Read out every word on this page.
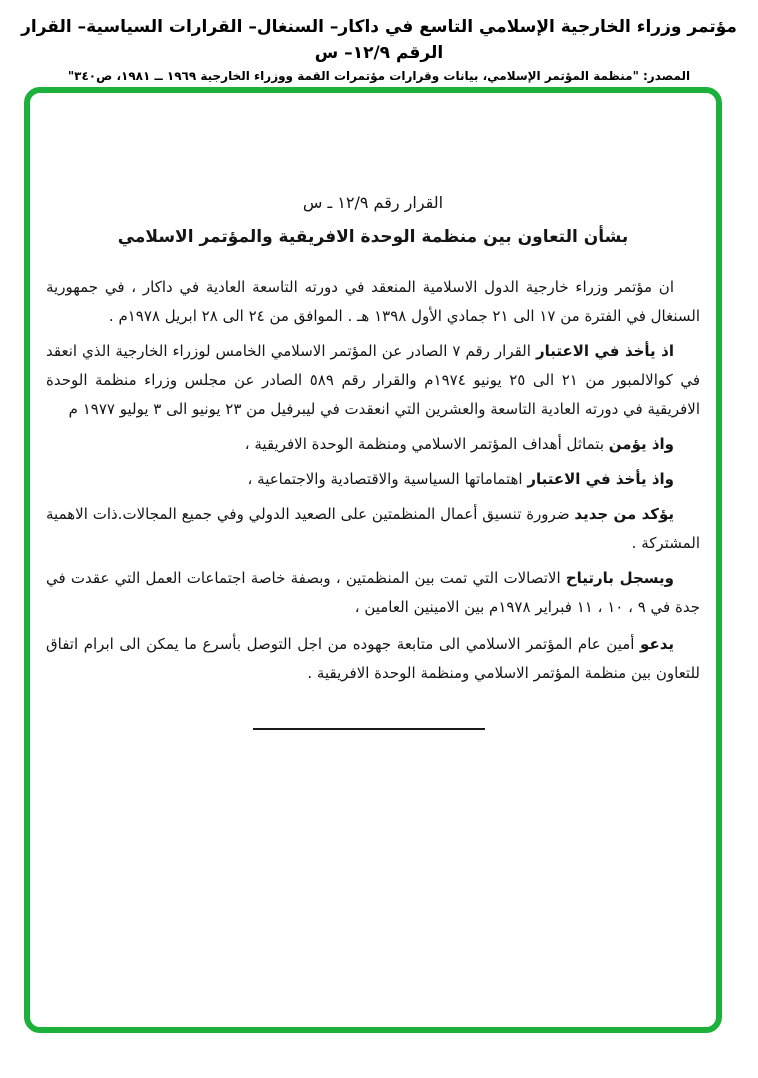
مؤتمر وزراء الخارجية الإسلامي التاسع في داكار– السنغال– القرارات السياسية– القرار الرقم ١٢/٩– س
المصدر: "منظمة المؤتمر الإسلامي، بيانات وقرارات مؤتمرات القمة ووزراء الخارجية ١٩٦٩ ــ ١٩٨١، ص٣٤٠"
القرار رقم ١٢/٩ ـ س
بشأن التعاون بين منظمة الوحدة الافريقية والمؤتمر الاسلامي
ان مؤتمر وزراء خارجية الدول الاسلامية المنعقد في دورته التاسعة العادية في داكار ، في جمهورية السنغال في الفترة من ١٧ الى ٢١ جمادي الأول ١٣٩٨ هـ . الموافق من ٢٤ الى ٢٨ ابريل ١٩٧٨م .
اذ يأخذ في الاعتبار القرار رقم ٧ الصادر عن المؤتمر الاسلامي الخامس لوزراء الخارجية الذي انعقد في كوالالمبور من ٢١ الى ٢٥ يونيو ١٩٧٤م والقرار رقم ٥٨٩ الصادر عن مجلس وزراء منظمة الوحدة الافريقية في دورته العادية التاسعة والعشرين التي انعقدت في ليبرفيل من ٢٣ يونيو الى ٣ يوليو ١٩٧٧ م
واذ يؤمن بتماثل أهداف المؤتمر الاسلامي ومنظمة الوحدة الافريقية ،
واذ يأخذ في الاعتبار اهتماماتها السياسية والاقتصادية والاجتماعية ،
يؤكد من جديد ضرورة تنسيق أعمال المنظمتين على الصعيد الدولي وفي جميع المجالات.ذات الاهمية المشتركة .
ويسجل بارتياح الاتصالات التي تمت بين المنظمتين ، وبصفة خاصة اجتماعات العمل التي عقدت في جدة في ٩ ، ١٠ ، ١١ فبراير ١٩٧٨م بين الامينين العامين ،
يدعو أمين عام المؤتمر الاسلامي الى متابعة جهوده من اجل التوصل بأسرع ما يمكن الى ابرام اتفاق للتعاون بين منظمة المؤتمر الاسلامي ومنظمة الوحدة الافريقية .
